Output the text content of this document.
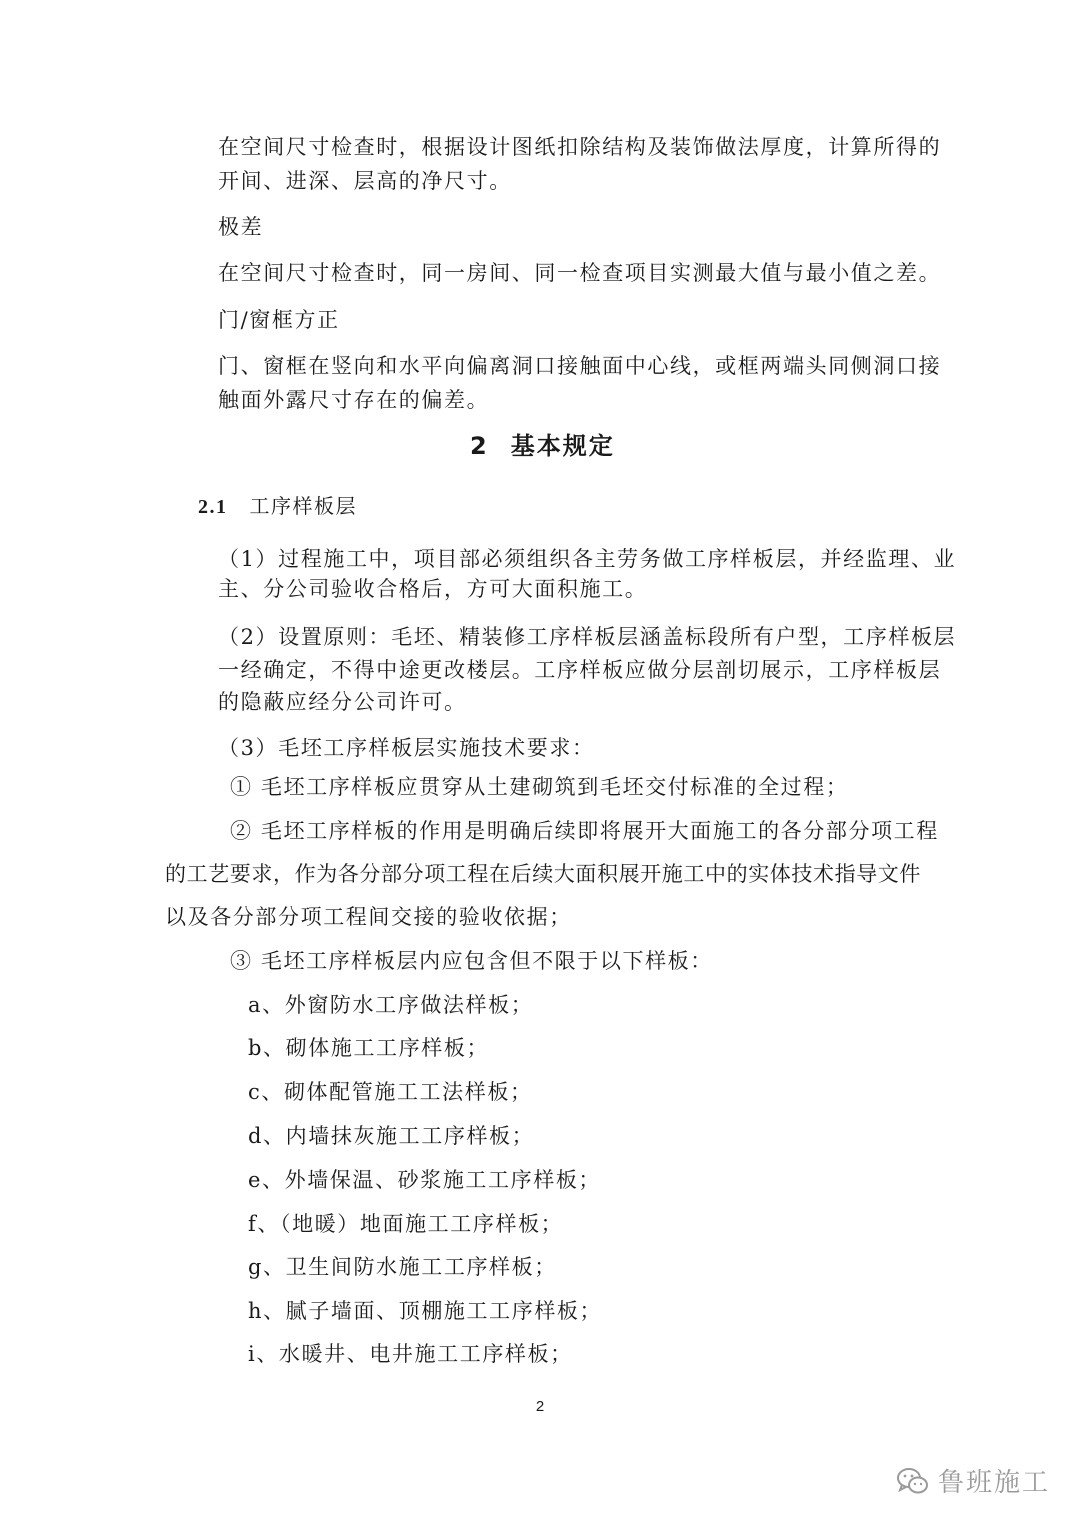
在空间尺寸检查时，根据设计图纸扣除结构及装饰做法厚度，计算所得的
开间、进深、层高的净尺寸。
极差
在空间尺寸检查时，同一房间、同一检查项目实测最大值与最小值之差。
门/窗框方正
门、窗框在竖向和水平向偏离洞口接触面中心线，或框两端头同侧洞口接
触面外露尺寸存在的偏差。
2 基本规定
2.1 工序样板层
（1）过程施工中，项目部必须组织各主劳务做工序样板层，并经监理、业
主、分公司验收合格后，方可大面积施工。
（2）设置原则：毛坯、精装修工序样板层涵盖标段所有户型，工序样板层
一经确定，不得中途更改楼层。工序样板应做分层剖切展示，工序样板层
的隐蔽应经分公司许可。
（3）毛坯工序样板层实施技术要求：
① 毛坯工序样板应贯穿从土建砌筑到毛坯交付标准的全过程；
② 毛坯工序样板的作用是明确后续即将展开大面施工的各分部分项工程
的工艺要求，作为各分部分项工程在后续大面积展开施工中的实体技术指导文件
以及各分部分项工程间交接的验收依据；
③ 毛坯工序样板层内应包含但不限于以下样板：
a、外窗防水工序做法样板；
b、砌体施工工序样板；
c、砌体配管施工工法样板；
d、内墙抹灰施工工序样板；
e、外墙保温、砂浆施工工序样板；
f、（地暖）地面施工工序样板；
g、卫生间防水施工工序样板；
h、腻子墙面、顶棚施工工序样板；
i、水暖井、电井施工工序样板；
2
鲁班施工
